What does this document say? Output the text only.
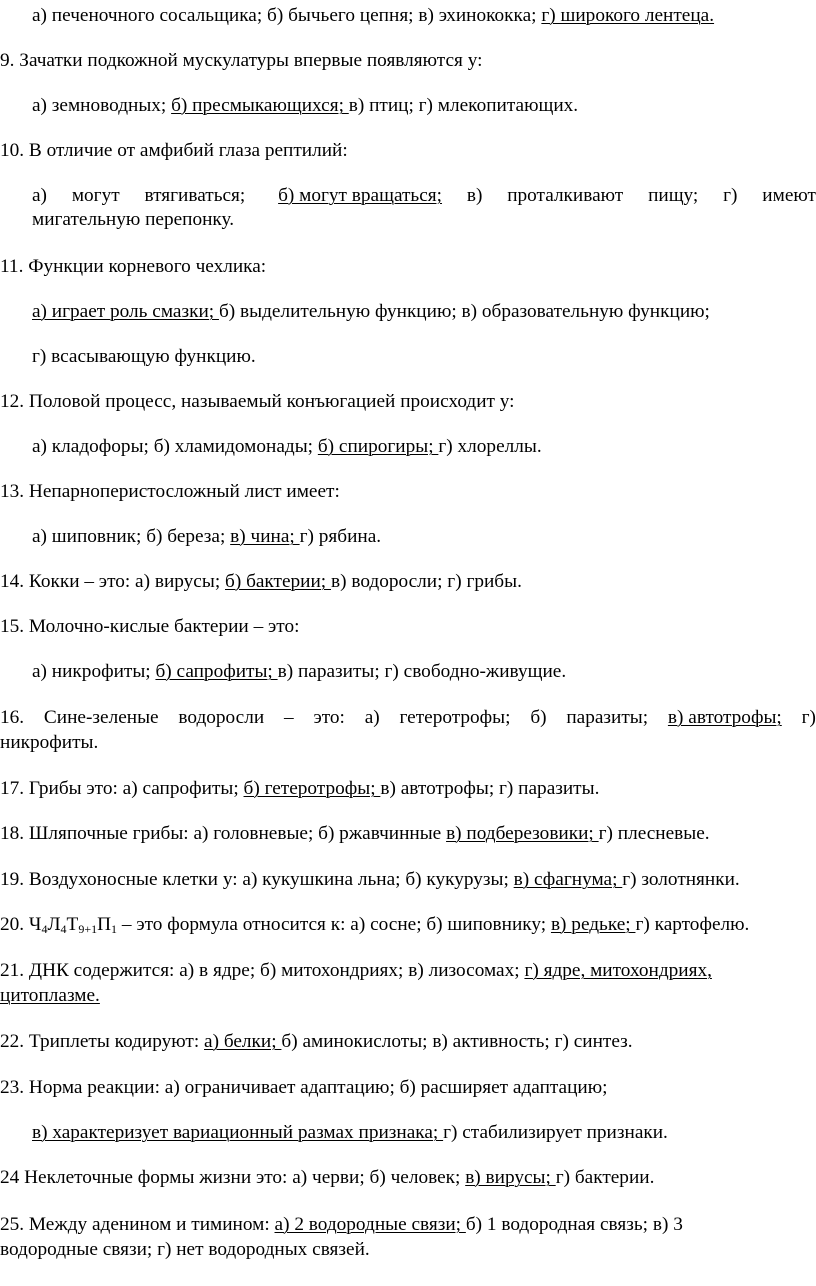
а) печеночного сосальщика; б) бычьего цепня; в) эхинококка; г) широкого лентеца.
9. Зачатки подкожной мускулатуры впервые появляются у:
а) земноводных; б) пресмыкающихся; в) птиц; г) млекопитающих.
10. В отличие от амфибий глаза рептилий:
а) могут втягиваться; б) могут вращаться; в) проталкивают пищу; г) имеют
мигательную перепонку.
11. Функции корневого чехлика:
а) играет роль смазки; б) выделительную функцию; в) образовательную функцию;
г) всасывающую функцию.
12. Половой процесс, называемый конъюгацией происходит у:
а) кладофоры; б) хламидомонады; б) спирогиры; г) хлореллы.
13. Непарноперистосложный лист имеет:
а) шиповник; б) береза; в) чина; г) рябина.
14. Кокки – это: а) вирусы; б) бактерии; в) водоросли; г) грибы.
15. Молочно-кислые бактерии – это:
а) никрофиты; б) сапрофиты; в) паразиты; г) свободно-живущие.
16. Сине-зеленые водоросли – это: а) гетеротрофы; б) паразиты; в) автотрофы; г)
никрофиты.
17. Грибы это: а) сапрофиты; б) гетеротрофы; в) автотрофы; г) паразиты.
18. Шляпочные грибы: а) головневые; б) ржавчинные в) подберезовики; г) плесневые.
19. Воздухоносные клетки у: а) кукушкина льна; б) кукурузы; в) сфагнума; г) золотнянки.
20. $Ч_4Л_4Т_{9+1}П_1$ – это формула относится к: а) сосне; б) шиповнику; в) редьке; г) картофелю.
21. ДНК содержится: а) в ядре; б) митохондриях; в) лизосомах; г) ядре, митохондриях,
цитоплазме.
22. Триплеты кодируют: а) белки; б) аминокислоты; в) активность; г) синтез.
23. Норма реакции: а) ограничивает адаптацию; б) расширяет адаптацию;
в) характеризует вариационный размах признака; г) стабилизирует признаки.
24 Неклеточные формы жизни это: а) черви; б) человек; в) вирусы; г) бактерии.
25. Между аденином и тимином: а) 2 водородные связи; б) 1 водородная связь; в) 3
водородные связи; г) нет водородных связей.
